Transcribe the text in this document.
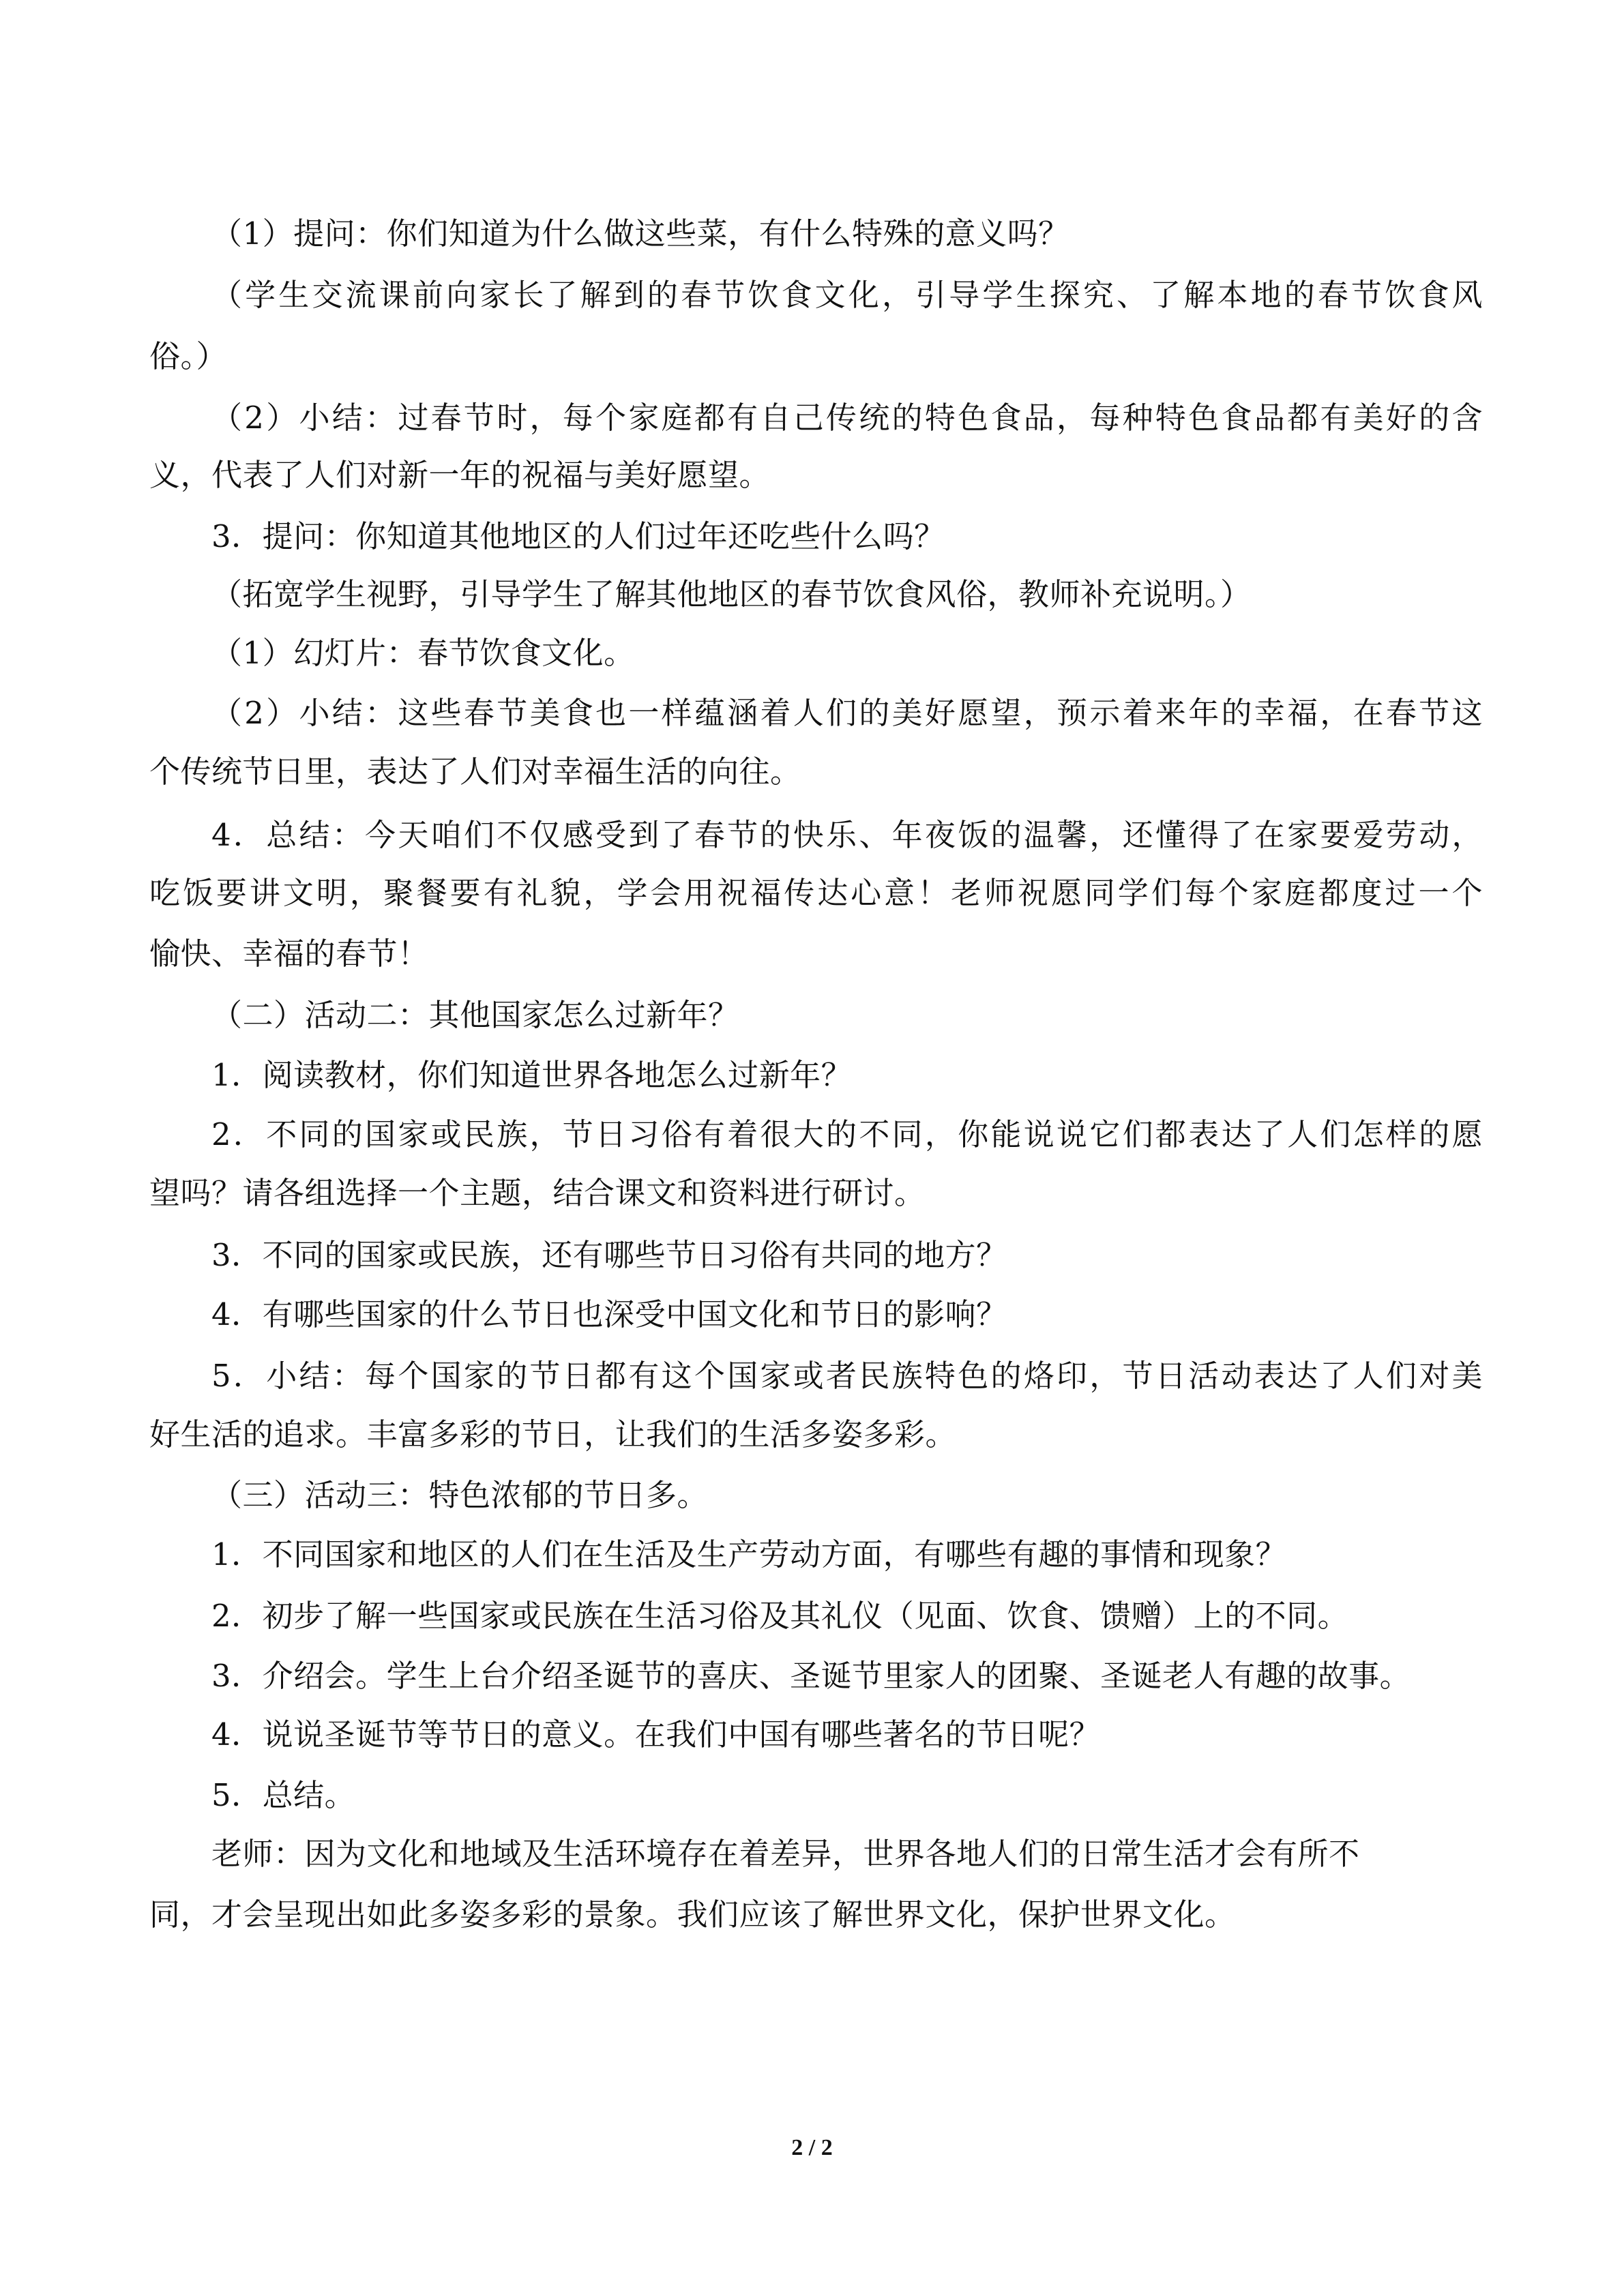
（1）提问：你们知道为什么做这些菜，有什么特殊的意义吗？
（学生交流课前向家长了解到的春节饮食文化，引导学生探究、了解本地的春节饮食风
俗。）
（2）小结：过春节时，每个家庭都有自己传统的特色食品，每种特色食品都有美好的含
义，代表了人们对新一年的祝福与美好愿望。
3．提问：你知道其他地区的人们过年还吃些什么吗？
（拓宽学生视野，引导学生了解其他地区的春节饮食风俗，教师补充说明。）
（1）幻灯片：春节饮食文化。
（2）小结：这些春节美食也一样蕴涵着人们的美好愿望，预示着来年的幸福，在春节这
个传统节日里，表达了人们对幸福生活的向往。
4．总结：今天咱们不仅感受到了春节的快乐、年夜饭的温馨，还懂得了在家要爱劳动，
吃饭要讲文明，聚餐要有礼貌，学会用祝福传达心意！老师祝愿同学们每个家庭都度过一个
愉快、幸福的春节！
（二）活动二：其他国家怎么过新年？
1．阅读教材，你们知道世界各地怎么过新年？
2．不同的国家或民族，节日习俗有着很大的不同，你能说说它们都表达了人们怎样的愿
望吗？请各组选择一个主题，结合课文和资料进行研讨。
3．不同的国家或民族，还有哪些节日习俗有共同的地方？
4．有哪些国家的什么节日也深受中国文化和节日的影响？
5．小结：每个国家的节日都有这个国家或者民族特色的烙印，节日活动表达了人们对美
好生活的追求。丰富多彩的节日，让我们的生活多姿多彩。
（三）活动三：特色浓郁的节日多。
1．不同国家和地区的人们在生活及生产劳动方面，有哪些有趣的事情和现象？
2．初步了解一些国家或民族在生活习俗及其礼仪（见面、饮食、馈赠）上的不同。
3．介绍会。学生上台介绍圣诞节的喜庆、圣诞节里家人的团聚、圣诞老人有趣的故事。
4．说说圣诞节等节日的意义。在我们中国有哪些著名的节日呢？
5．总结。
老师：因为文化和地域及生活环境存在着差异，世界各地人们的日常生活才会有所不
同，才会呈现出如此多姿多彩的景象。我们应该了解世界文化，保护世界文化。
2 / 2
